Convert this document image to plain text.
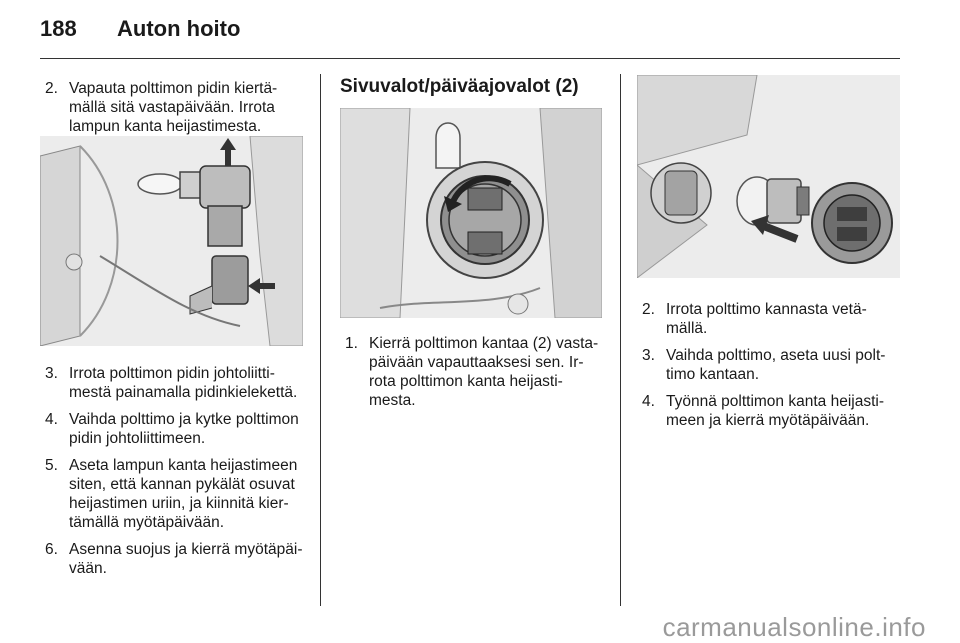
188 Auton hoito
2. Vapauta polttimon pidin kiertä-
mällä sitä vastapäivään. Irrota
lampun kanta heijastimesta.
3. Irrota polttimon pidin johtoliitti-
mestä painamalla pidinkielekettä.
4. Vaihda polttimo ja kytke polttimon
pidin johtoliittimeen.
5. Aseta lampun kanta heijastimeen
siten, että kannan pykälät osuvat
heijastimen uriin, ja kiinnitä kier-
tämällä myötäpäivään.
6. Asenna suojus ja kierrä myötäpäi-
vään.
Sivuvalot/päiväajovalot (2)
1. Kierrä polttimon kantaa (2) vasta-
päivään vapauttaaksesi sen. Ir-
rota polttimon kanta heijasti-
mesta.
2. Irrota polttimo kannasta vetä-
mällä.
3. Vaihda polttimo, aseta uusi polt-
timo kantaan.
4. Työnnä polttimon kanta heijasti-
meen ja kierrä myötäpäivään.
carmanualsonline.info
